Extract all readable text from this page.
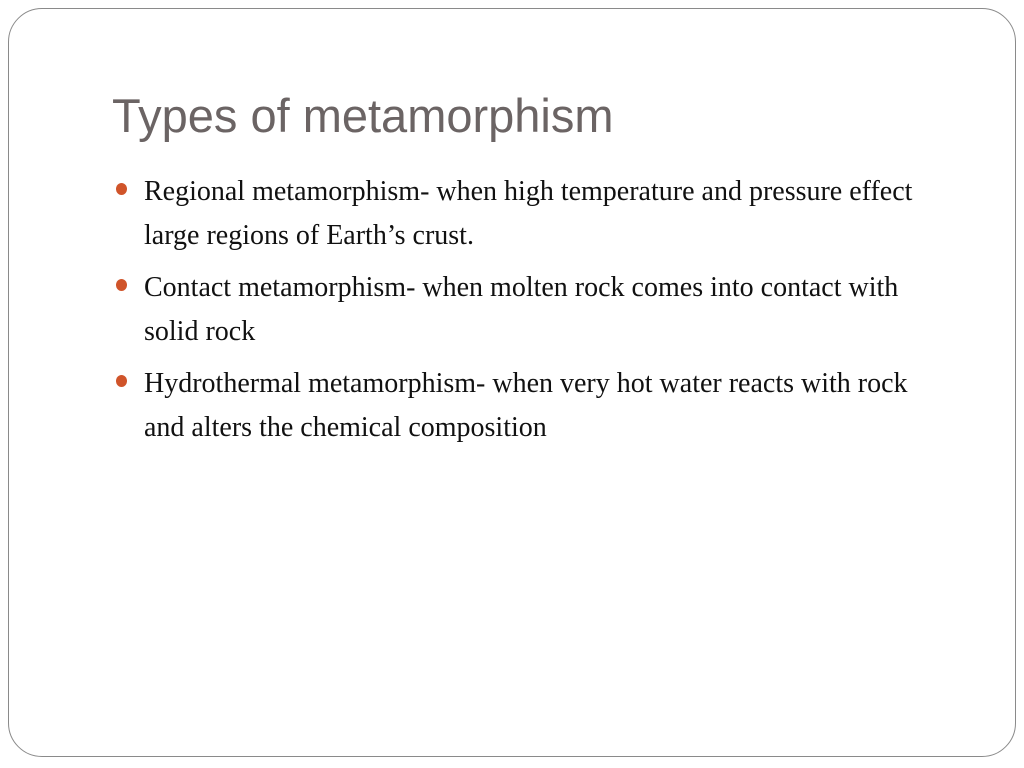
Types of metamorphism
Regional metamorphism- when high temperature and pressure effect large regions of Earth’s crust.
Contact metamorphism- when molten rock comes into contact with solid rock
Hydrothermal metamorphism- when very hot water reacts with rock and alters the chemical composition
